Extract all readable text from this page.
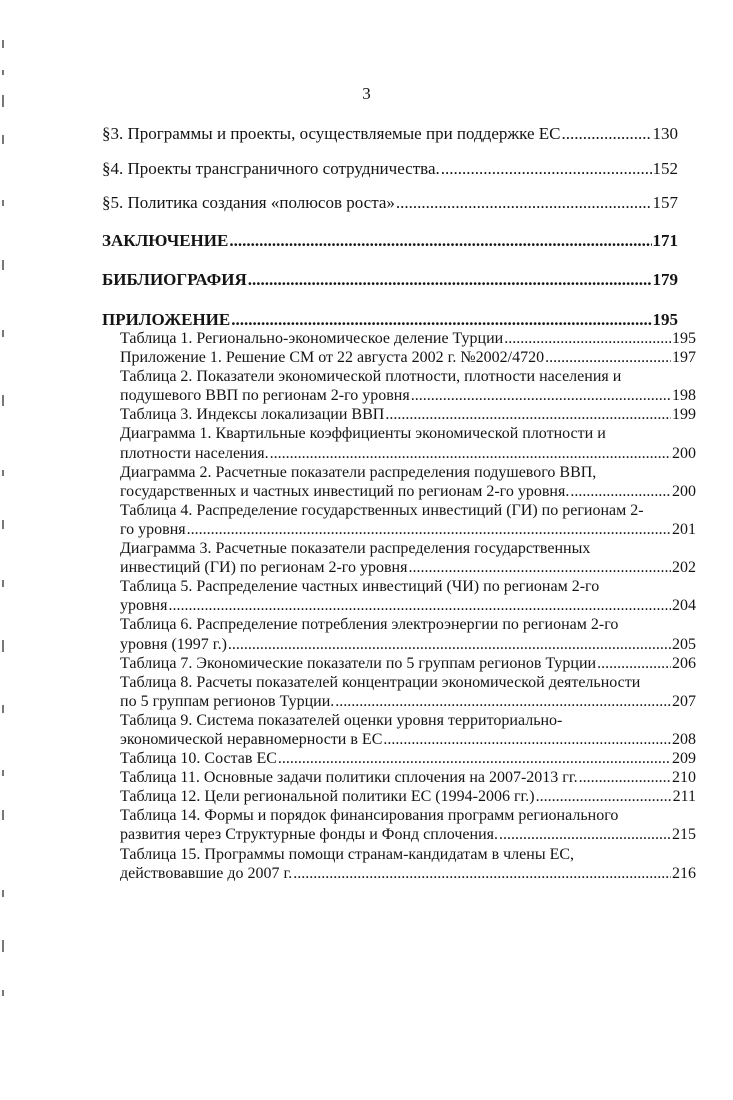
3
§3. Программы и проекты, осуществляемые при поддержке ЕС .....	130
§4. Проекты трансграничного сотрудничества. .....	152
§5. Политика создания «полюсов роста» .....	157
ЗАКЛЮЧЕНИЕ .....	171
БИБЛИОГРАФИЯ .....	179
ПРИЛОЖЕНИЕ .....	195
Таблица 1. Регионально-экономическое деление Турции .....	195
Приложение 1. Решение СМ от 22 августа 2002 г. №2002/4720 .....	197
Таблица 2. Показатели экономической плотности, плотности населения и
подушевого ВВП по регионам 2-го уровня .....	198
Таблица 3. Индексы локализации ВВП .....	199
Диаграмма 1. Квартильные коэффициенты экономической плотности и
плотности населения. .....	200
Диаграмма 2. Расчетные показатели распределения подушевого ВВП,
государственных и частных инвестиций по регионам 2-го уровня. .....	200
Таблица 4. Распределение государственных инвестиций (ГИ) по регионам 2-
го уровня .....	201
Диаграмма 3. Расчетные показатели распределения государственных
инвестиций (ГИ) по регионам 2-го уровня .....	202
Таблица 5. Распределение частных инвестиций (ЧИ) по регионам 2-го
уровня .....	204
Таблица 6. Распределение потребления электроэнергии по регионам 2-го
уровня (1997 г.) .....	205
Таблица 7. Экономические показатели по 5 группам регионов Турции .....	206
Таблица 8. Расчеты показателей концентрации экономической деятельности
по 5 группам регионов Турции. .....	207
Таблица 9. Система показателей оценки уровня территориально-
экономической неравномерности в ЕС .....	208
Таблица 10. Состав ЕС .....	209
Таблица 11. Основные задачи политики сплочения на 2007-2013 гг. .....	210
Таблица 12. Цели региональной политики ЕС (1994-2006 гг.) .....	211
Таблица 14. Формы и порядок финансирования программ регионального
развития через Структурные фонды и Фонд сплочения. .....	215
Таблица 15. Программы помощи странам-кандидатам в члены ЕС,
действовавшие до 2007 г. .....	216
